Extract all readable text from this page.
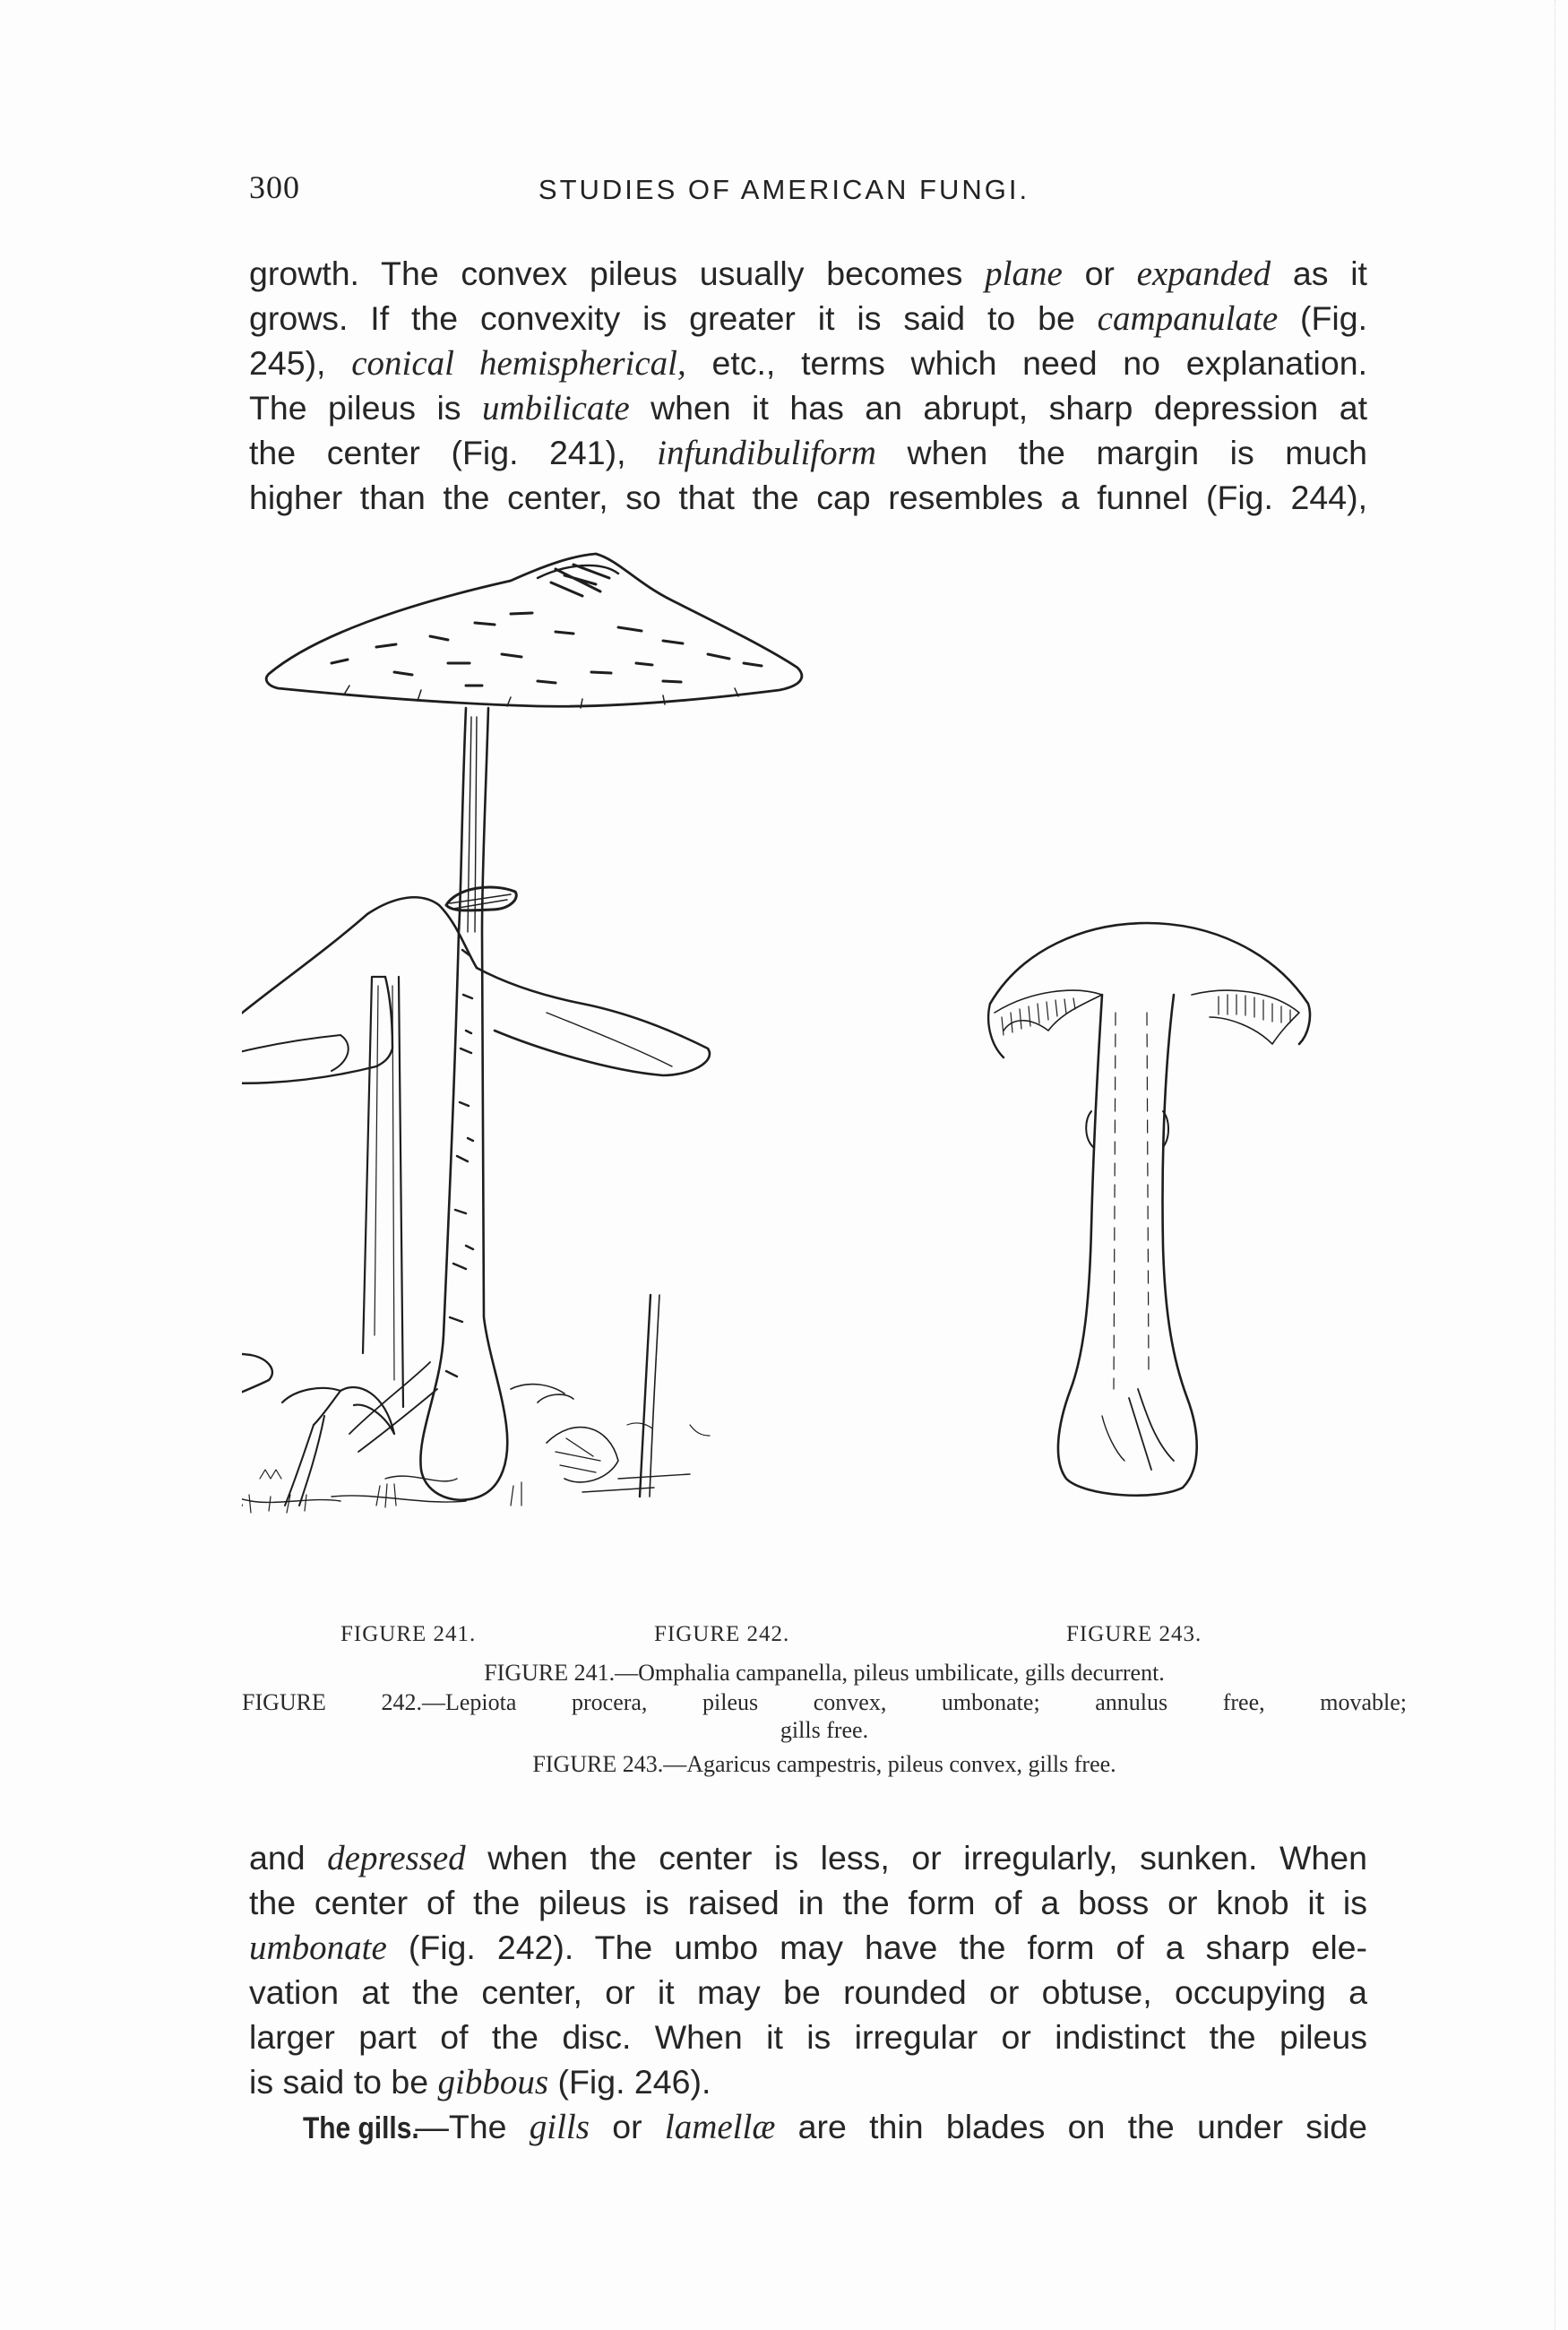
300	STUDIES OF AMERICAN FUNGI.
growth. The convex pileus usually becomes plane or expanded as it
grows. If the convexity is greater it is said to be campanulate (Fig.
245), conical hemispherical, etc., terms which need no explanation.
The pileus is umbilicate when it has an abrupt, sharp depression at
the center (Fig. 241), infundibuliform when the margin is much
higher than the center, so that the cap resembles a funnel (Fig. 244),
FIGURE 241.	FIGURE 242.	FIGURE 243.
FIGURE 241.—Omphalia campanella, pileus umbilicate, gills decurrent.
FIGURE 242.—Lepiota procera, pileus convex, umbonate; annulus free, movable;
gills free.
FIGURE 243.—Agaricus campestris, pileus convex, gills free.
and depressed when the center is less, or irregularly, sunken. When
the center of the pileus is raised in the form of a boss or knob it is
umbonate (Fig. 242). The umbo may have the form of a sharp ele-
vation at the center, or it may be rounded or obtuse, occupying a
larger part of the disc. When it is irregular or indistinct the pileus
is said to be gibbous (Fig. 246).
The gills.—The gills or lamellæ are thin blades on the under side
